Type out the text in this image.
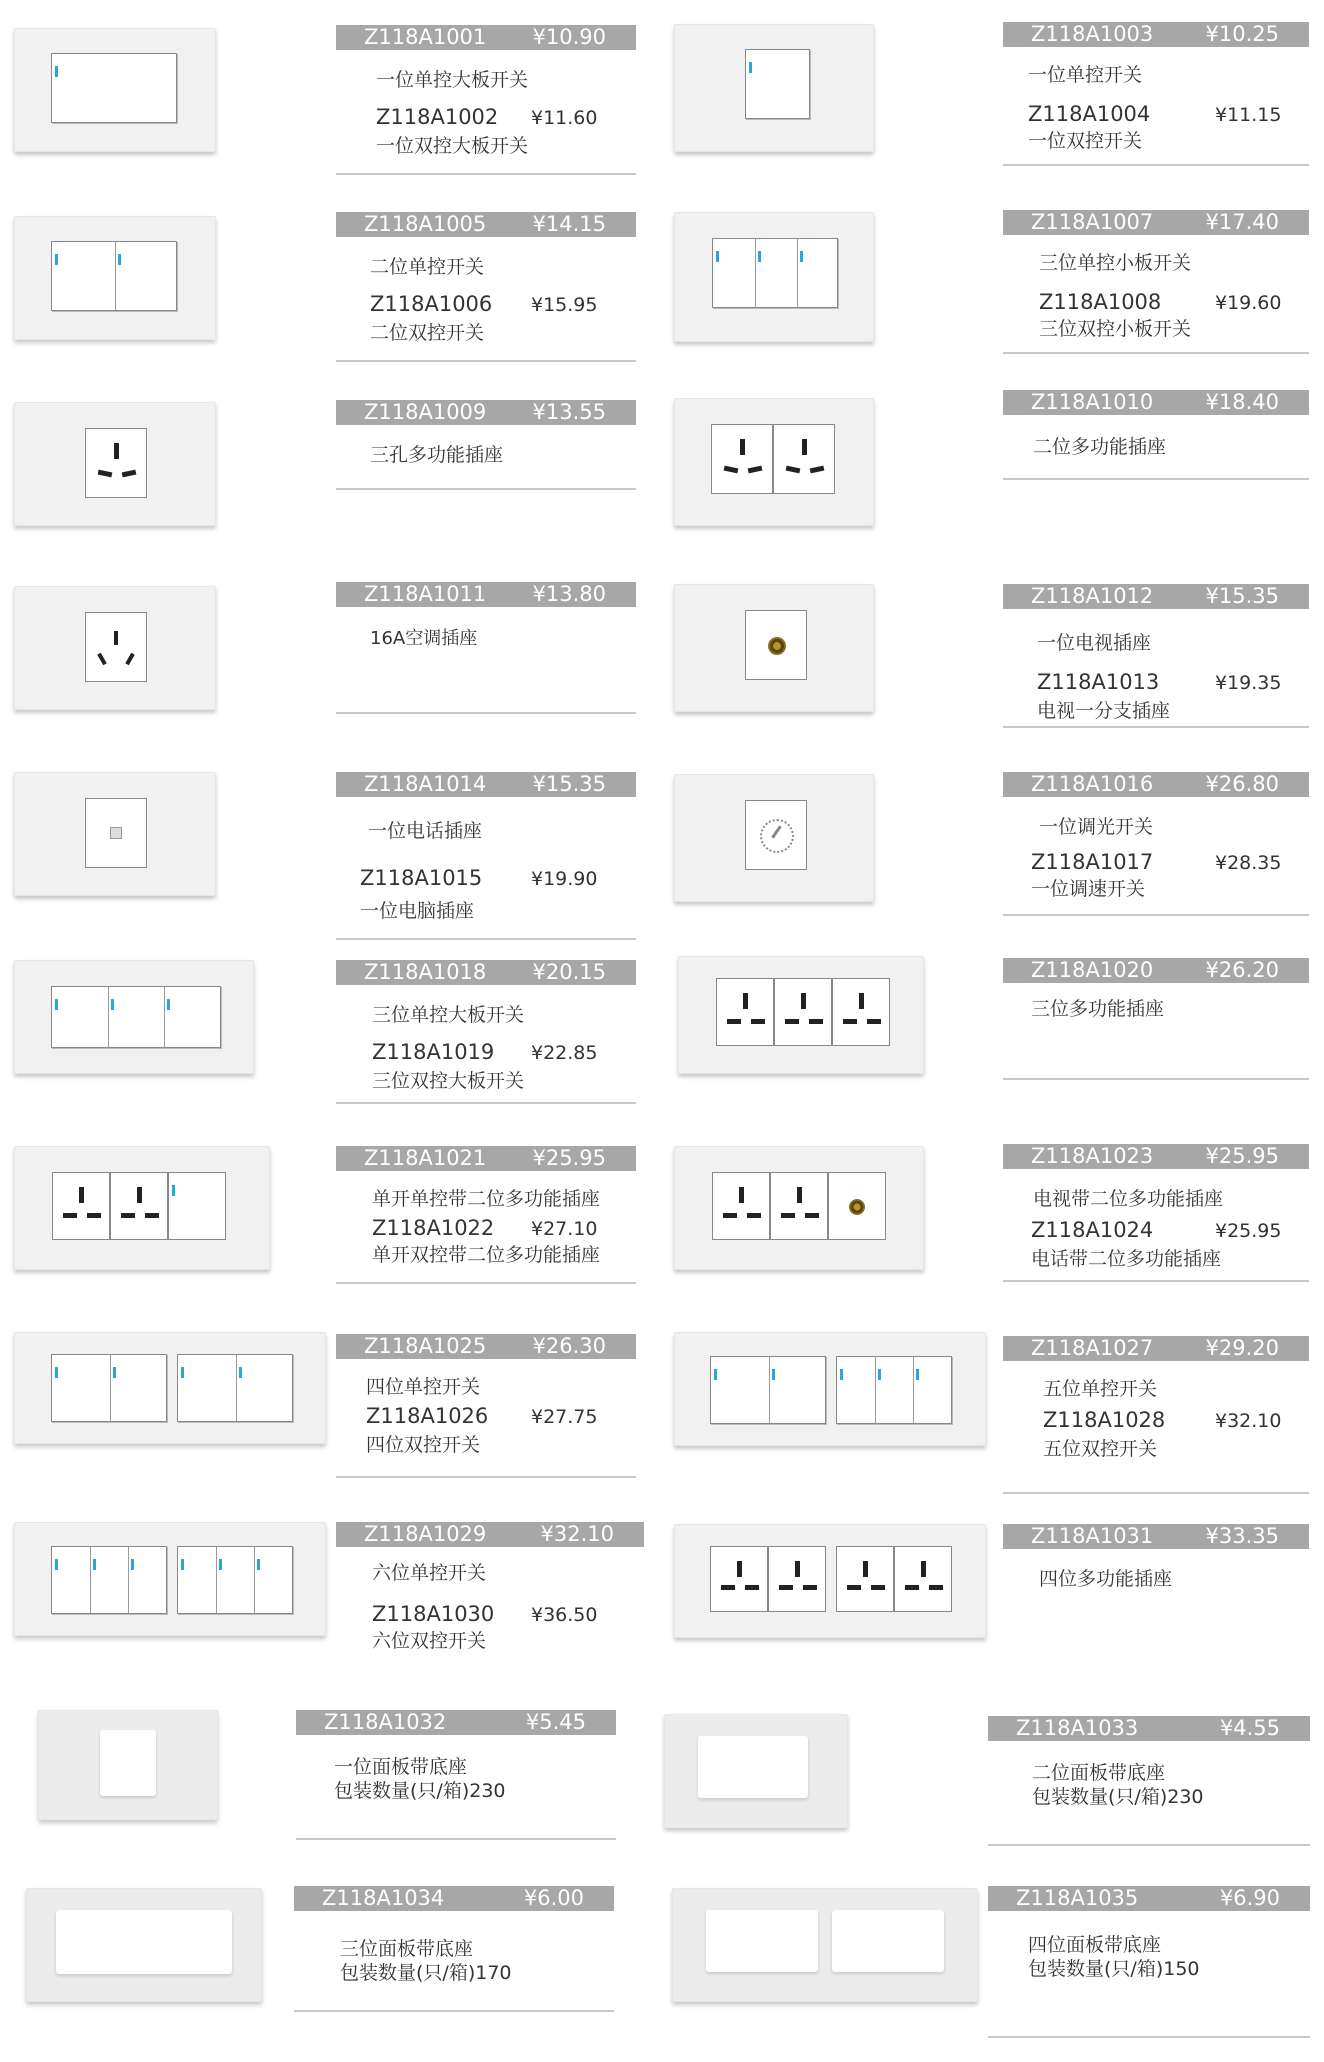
Z118A1001 ¥10.90
一位单控大板开关
Z118A1002 ¥11.60
一位双控大板开关
Z118A1003 ¥10.25
一位单控开关
Z118A1004	¥11.15
一位双控开关
Z118A1005 ¥14.15
二位单控开关
Z118A1006 ¥15.95
二位双控开关
Z118A1007 ¥17.40
三位单控小板开关
Z118A1008	¥19.60
三位双控小板开关
Z118A1009 ¥13.55
三孔多功能插座
Z118A1010 ¥18.40
二位多功能插座
Z118A1011 ¥13.80
16A空调插座
Z118A1012 ¥15.35
一位电视插座
Z118A1013	¥19.35
电视一分支插座
Z118A1014 ¥15.35
一位电话插座
Z118A1015	¥19.90
一位电脑插座
Z118A1016 ¥26.80
一位调光开关
Z118A1017	¥28.35
一位调速开关
Z118A1018 ¥20.15
三位单控大板开关
Z118A1019 ¥22.85
三位双控大板开关
Z118A1020 ¥26.20
三位多功能插座
Z118A1021 ¥25.95
单开单控带二位多功能插座
Z118A1022 ¥27.10
单开双控带二位多功能插座
Z118A1023 ¥25.95
电视带二位多功能插座
Z118A1024	¥25.95
电话带二位多功能插座
Z118A1025 ¥26.30
四位单控开关
Z118A1026 ¥27.75
四位双控开关
Z118A1027 ¥29.20
五位单控开关
Z118A1028	¥32.10
五位双控开关
Z118A1029	¥32.10
六位单控开关
Z118A1030 ¥36.50
六位双控开关
Z118A1031 ¥33.35
四位多功能插座
Z118A1032	¥5.45
一位面板带底座
包装数量(只/箱)230
Z118A1033	¥4.55
二位面板带底座
包装数量(只/箱)230
Z118A1034	¥6.00
三位面板带底座
包装数量(只/箱)170
Z118A1035	¥6.90
四位面板带底座
包装数量(只/箱)150
